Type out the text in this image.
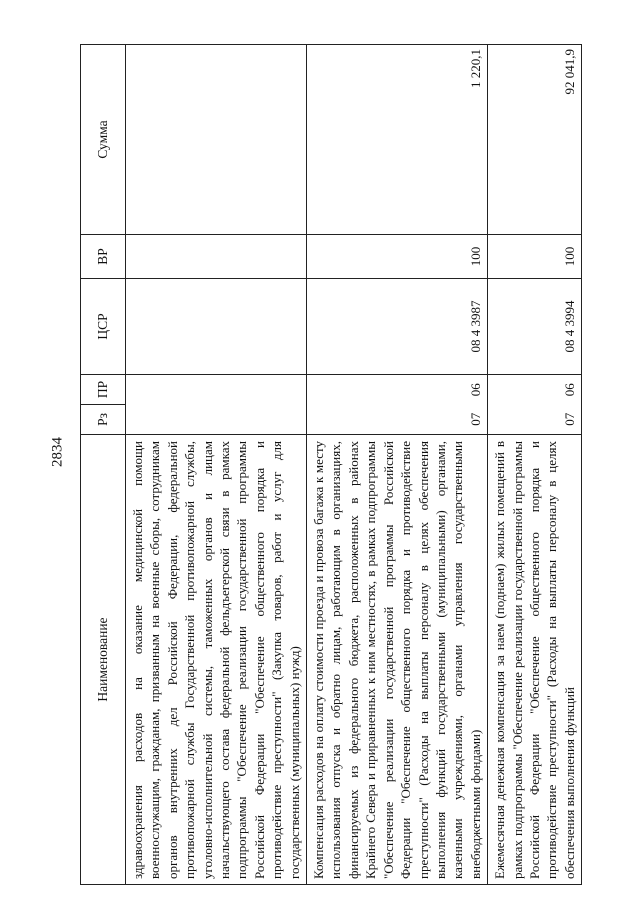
2834
Наименование	Рз	ПР	ЦСР	ВР	Сумма
здравоохранения расходов на оказание медицинской помощи военнослужащим, гражданам, призванным на военные сборы, сотрудникам органов внутренних дел Российской Федерации, федеральной противопожарной службы Государственной противопожарной службы, уголовно-исполнительной системы, таможенных органов и лицам начальствующего состава федеральной фельдъегерской связи в рамках подпрограммы "Обеспечение реализации государственной программы Российской Федерации "Обеспечение общественного порядка и противодействие преступности" (Закупка товаров, работ и услуг для государственных (муниципальных) нужд)					
Компенсация расходов на оплату стоимости проезда и провоза багажа к месту использования отпуска и обратно лицам, работающим в организациях, финансируемых из федерального бюджета, расположенных в районах Крайнего Севера и приравненных к ним местностях, в рамках подпрограммы "Обеспечение реализации государственной программы Российской Федерации "Обеспечение общественного порядка и противодействие преступности" (Расходы на выплаты персоналу в целях обеспечения выполнения функций государственными (муниципальными) органами, казенными учреждениями, органами управления государственными внебюджетными фондами)	07	06	08 4 3987	100	1 220,1
Ежемесячная денежная компенсация за наем (поднаем) жилых помещений в рамках подпрограммы "Обеспечение реализации государственной программы Российской Федерации "Обеспечение общественного порядка и противодействие преступности" (Расходы на выплаты персоналу в целях обеспечения выполнения функций	07	06	08 4 3994	100	92 041,9
